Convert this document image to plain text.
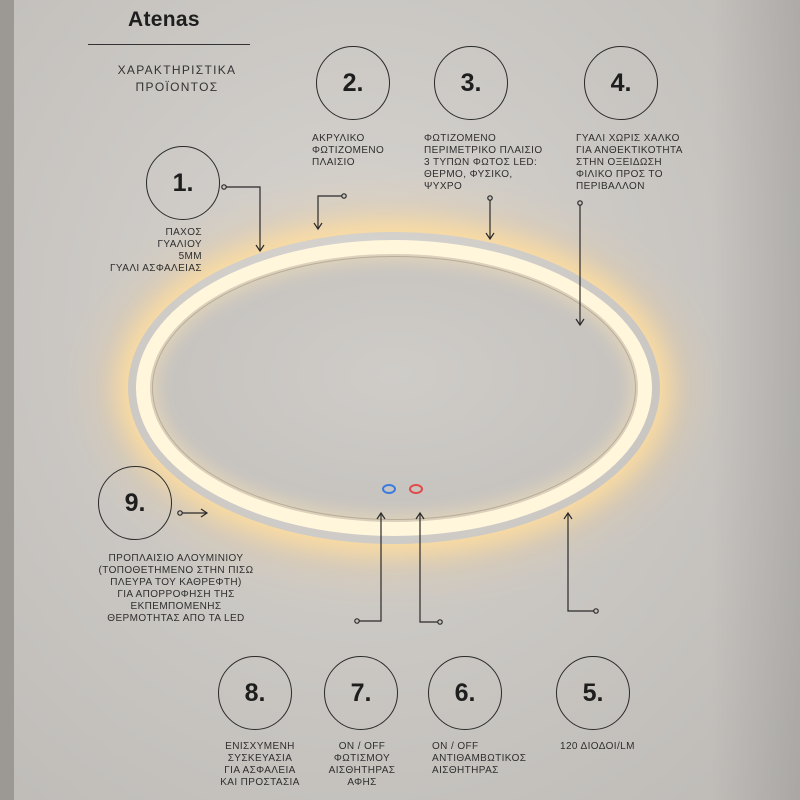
Atenas
ΧΑΡΑΚΤΗΡΙΣΤΙΚΑ
ΠΡΟΪΟΝΤΟΣ
1.
2.	3.	4.
9.
8.	7.	6.	5.
ΠΑΧΟΣ
ΓΥΑΛΙΟΥ
5MM
ΓΥΑΛΙ ΑΣΦΑΛΕΙΑΣ
ΑΚΡΥΛΙΚΟ
ΦΩΤΙΖΟΜΕΝΟ
ΠΛΑΙΣΙΟ
ΦΩΤΙΖΟΜΕΝΟ
ΠΕΡΙΜΕΤΡΙΚΟ ΠΛΑΙΣΙΟ
3 ΤΥΠΩΝ ΦΩΤΟΣ LED:
ΘΕΡΜΟ, ΦΥΣΙΚΟ,
ΨΥΧΡΟ
ΓΥΑΛΙ ΧΩΡΙΣ ΧΑΛΚΟ
ΓΙΑ ΑΝΘΕΚΤΙΚΟΤΗΤΑ
ΣΤΗΝ ΟΞΕΙΔΩΣΗ
ΦΙΛΙΚΟ ΠΡΟΣ ΤΟ
ΠΕΡΙΒΑΛΛΟΝ
ΠΡΟΠΛΑΙΣΙΟ ΑΛΟΥΜΙΝΙΟΥ
(ΤΟΠΟΘΕΤΗΜΕΝΟ ΣΤΗΝ ΠΙΣΩ
ΠΛΕΥΡΑ ΤΟΥ ΚΑΘΡΕΦΤΗ)
ΓΙΑ ΑΠΟΡΡΟΦΗΣΗ ΤΗΣ
ΕΚΠΕΜΠΟΜΕΝΗΣ
ΘΕΡΜΟΤΗΤΑΣ ΑΠΟ ΤΑ LED
ΕΝΙΣΧΥΜΕΝΗ
ΣΥΣΚΕΥΑΣΙΑ
ΓΙΑ ΑΣΦΑΛΕΙΑ
ΚΑΙ ΠΡΟΣΤΑΣΙΑ
ON / OFF
ΦΩΤΙΣΜΟΥ
ΑΙΣΘΗΤΗΡΑΣ
ΑΦΗΣ
ON / OFF
ΑΝΤΙΘΑΜΒΩΤΙΚΟΣ
ΑΙΣΘΗΤΗΡΑΣ
120 ΔΙΟΔΟΙ/LM
